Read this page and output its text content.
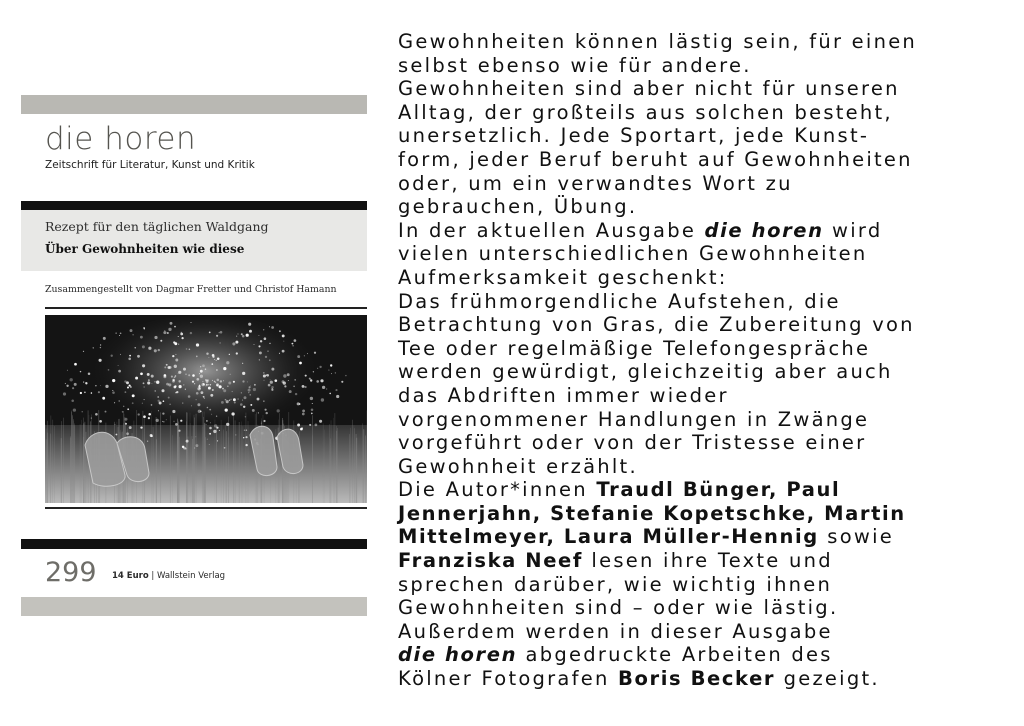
die horen
Zeitschrift für Literatur, Kunst und Kritik
Rezept für den täglichen Waldgang
Über Gewohnheiten wie diese
Zusammengestellt von Dagmar Fretter und Christof Hamann
299 14 Euro | Wallstein Verlag
Gewohnheiten können lästig sein, für einen
selbst ebenso wie für andere.
Gewohnheiten sind aber nicht für unseren
Alltag, der großteils aus solchen besteht,
unersetzlich. Jede Sportart, jede Kunst-
form, jeder Beruf beruht auf Gewohnheiten
oder, um ein verwandtes Wort zu
gebrauchen, Übung.
In der aktuellen Ausgabe die horen wird
vielen unterschiedlichen Gewohnheiten
Aufmerksamkeit geschenkt:
Das frühmorgendliche Aufstehen, die
Betrachtung von Gras, die Zubereitung von
Tee oder regelmäßige Telefongespräche
werden gewürdigt, gleichzeitig aber auch
das Abdriften immer wieder
vorgenommener Handlungen in Zwänge
vorgeführt oder von der Tristesse einer
Gewohnheit erzählt.
Die Autor*innen Traudl Bünger, Paul
Jennerjahn, Stefanie Kopetschke, Martin
Mittelmeyer, Laura Müller-Hennig sowie
Franziska Neef lesen ihre Texte und
sprechen darüber, wie wichtig ihnen
Gewohnheiten sind – oder wie lästig.
Außerdem werden in dieser Ausgabe
die horen abgedruckte Arbeiten des
Kölner Fotografen Boris Becker gezeigt.
